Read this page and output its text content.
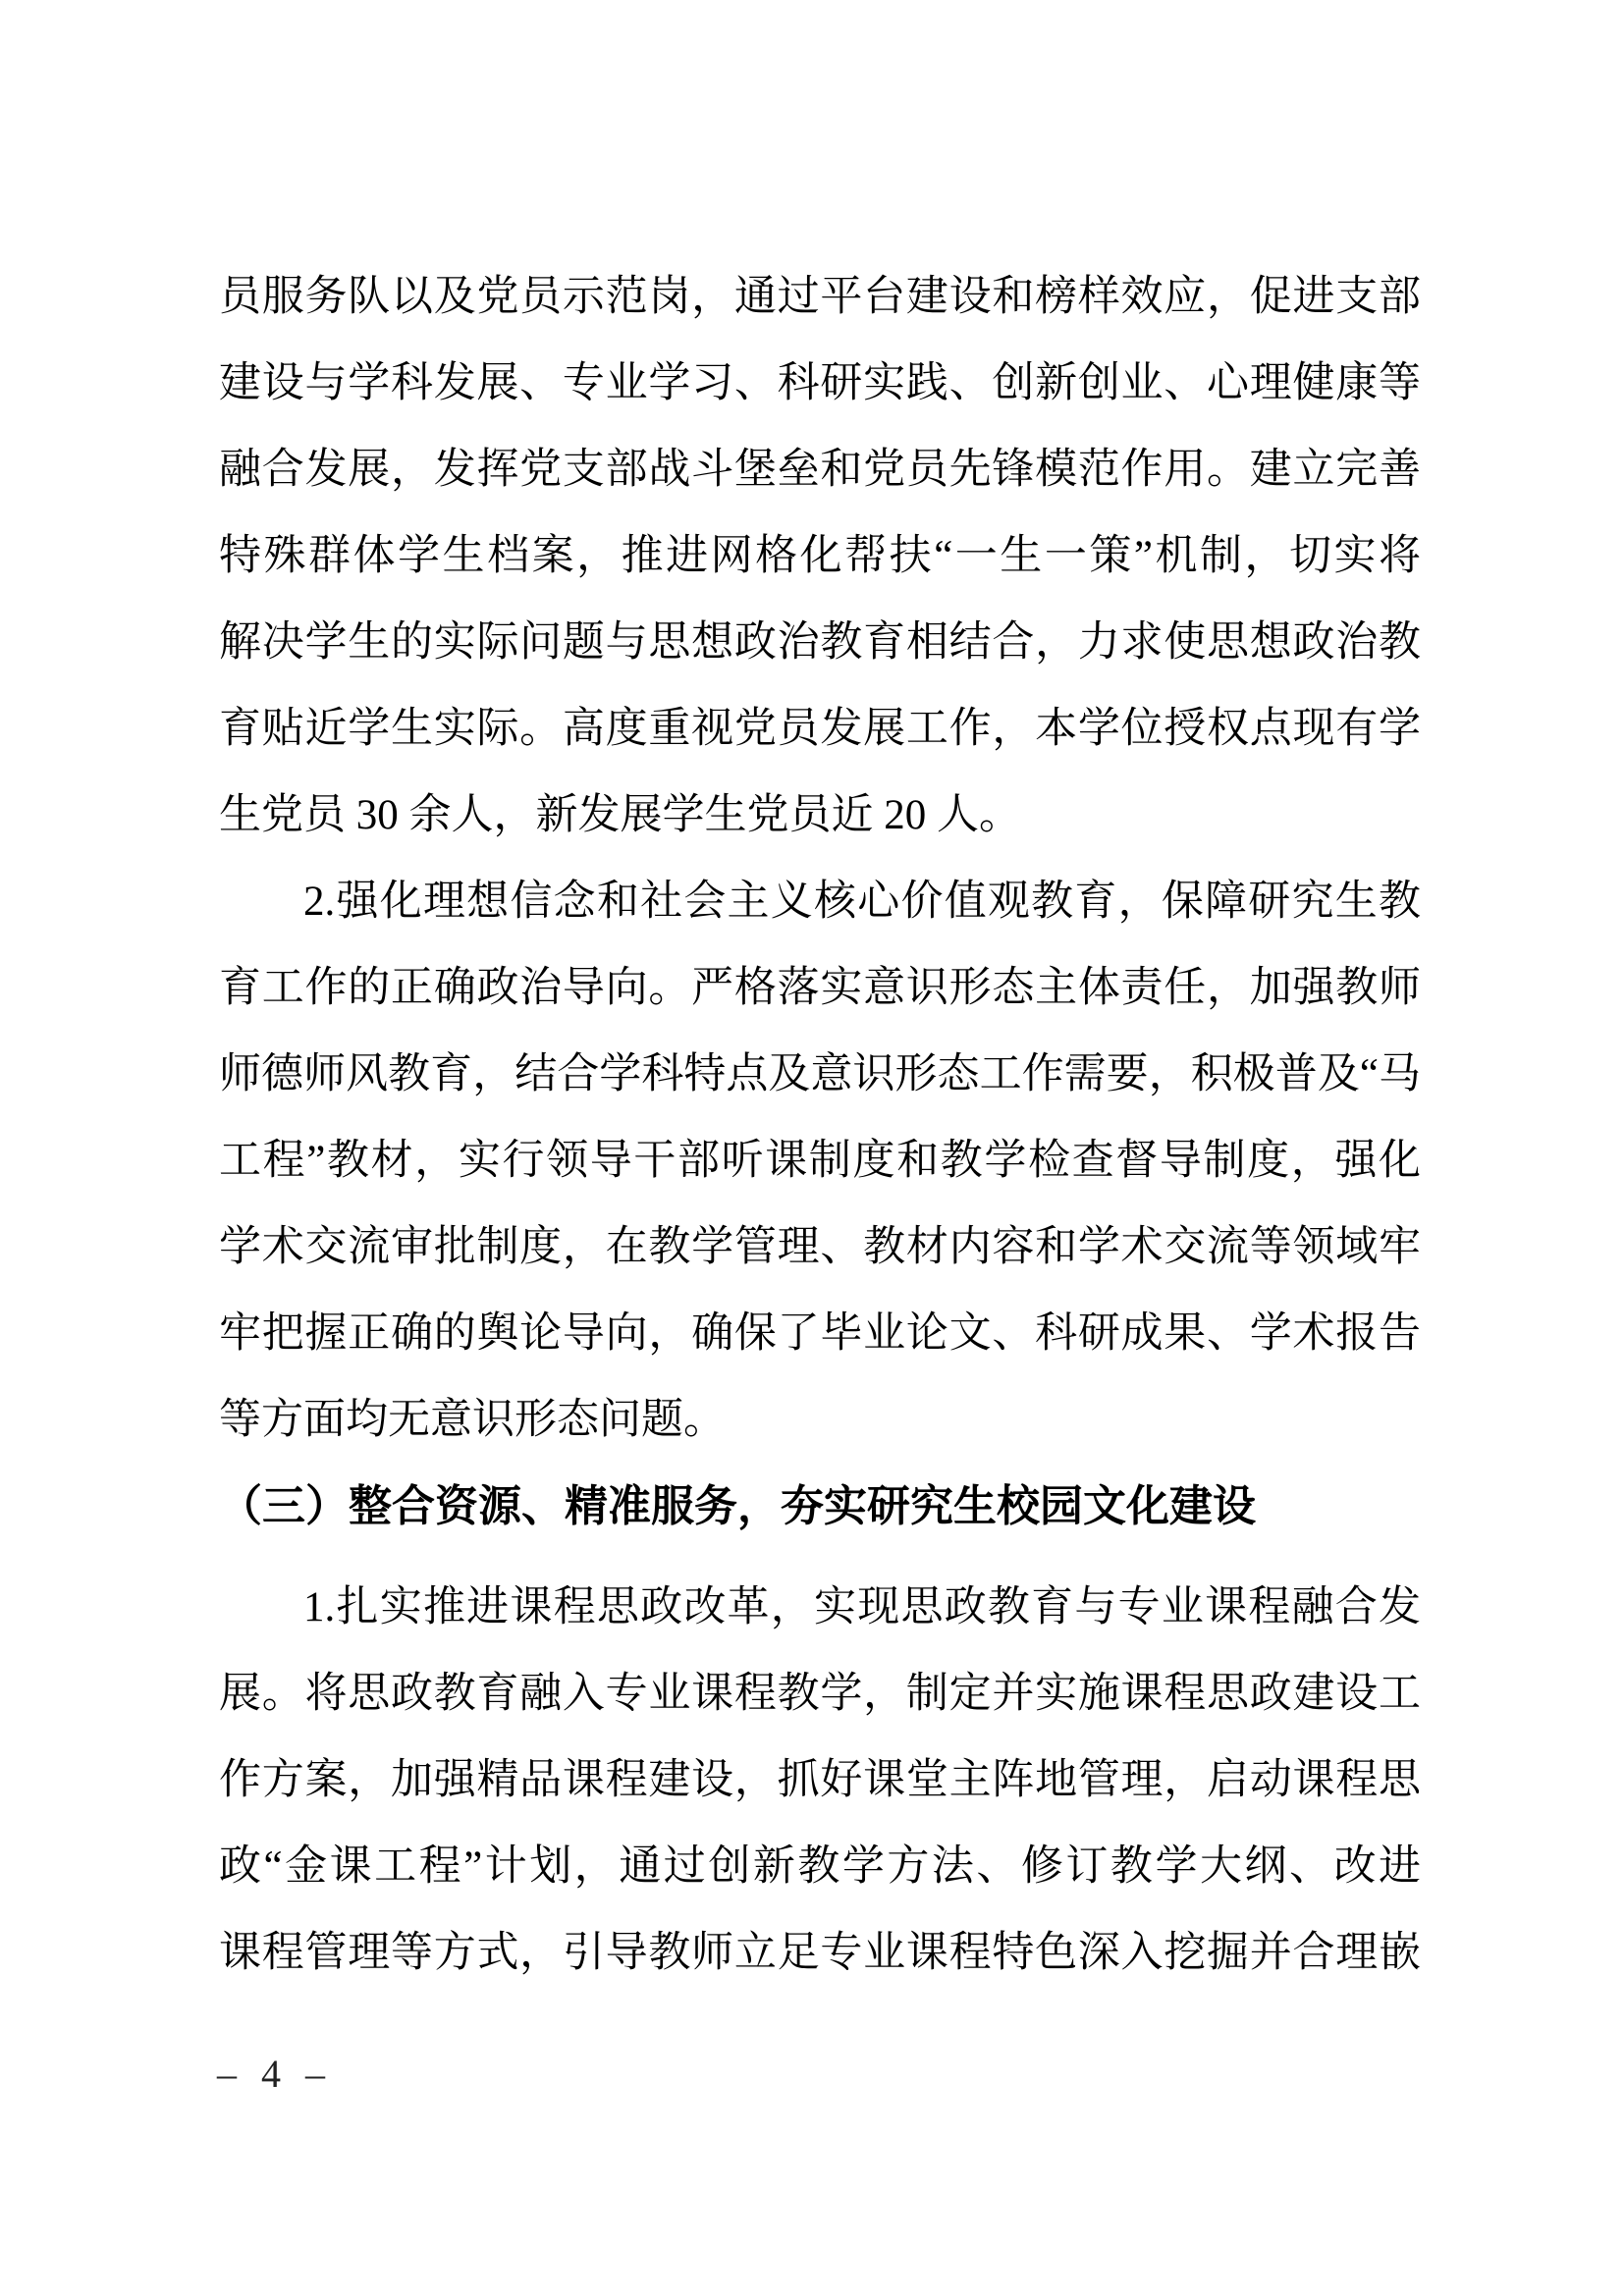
员服务队以及党员示范岗，通过平台建设和榜样效应，促进支部
建设与学科发展、专业学习、科研实践、创新创业、心理健康等
融合发展，发挥党支部战斗堡垒和党员先锋模范作用。建立完善
特殊群体学生档案，推进网格化帮扶“一生一策”机制，切实将
解决学生的实际问题与思想政治教育相结合，力求使思想政治教
育贴近学生实际。高度重视党员发展工作，本学位授权点现有学
生党员 30 余人，新发展学生党员近 20 人。
2.强化理想信念和社会主义核心价值观教育，保障研究生教
育工作的正确政治导向。严格落实意识形态主体责任，加强教师
师德师风教育，结合学科特点及意识形态工作需要，积极普及“马
工程”教材，实行领导干部听课制度和教学检查督导制度，强化
学术交流审批制度，在教学管理、教材内容和学术交流等领域牢
牢把握正确的舆论导向，确保了毕业论文、科研成果、学术报告
等方面均无意识形态问题。
（三）整合资源、精准服务，夯实研究生校园文化建设
1.扎实推进课程思政改革，实现思政教育与专业课程融合发
展。将思政教育融入专业课程教学，制定并实施课程思政建设工
作方案，加强精品课程建设，抓好课堂主阵地管理，启动课程思
政“金课工程”计划，通过创新教学方法、修订教学大纲、改进
课程管理等方式，引导教师立足专业课程特色深入挖掘并合理嵌
– 4 –
